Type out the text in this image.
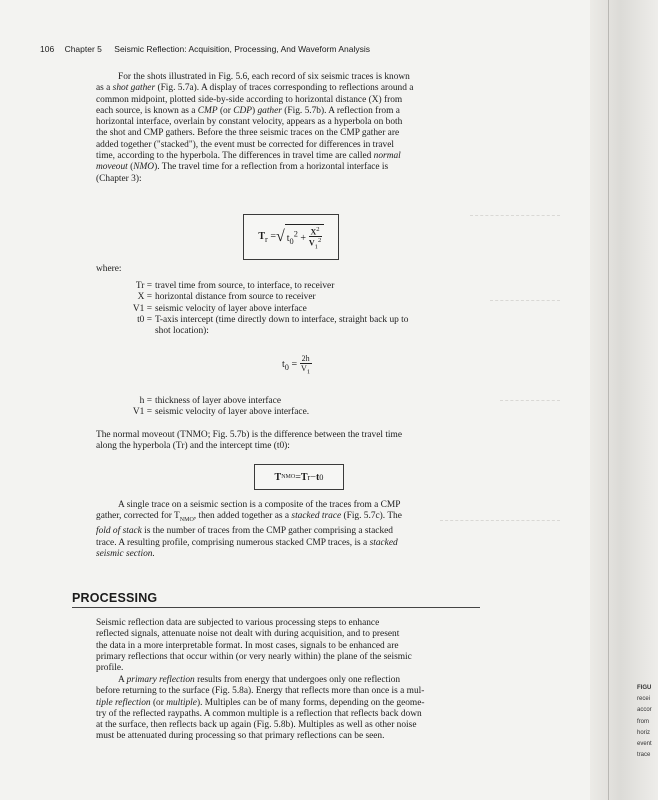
106 Chapter 5 Seismic Reflection: Acquisition, Processing, And Waveform Analysis

For the shots illustrated in Fig. 5.6, each record of six seismic traces is known

as a shot gather (Fig. 5.7a). A display of traces corresponding to reflections around a

common midpoint, plotted side-by-side according to horizontal distance (X) from

each source, is known as a CMP (or CDP) gather (Fig. 5.7b). A reflection from a

horizontal interface, overlain by constant velocity, appears as a hyperbola on both

the shot and CMP gathers. Before the three seismic traces on the CMP gather are

added together ("stacked"), the event must be corrected for differences in travel

time, according to the hyperbola. The differences in travel time are called normal

moveout (NMO). The travel time for a reflection from a horizontal interface is

(Chapter 3):

$T_r$ = √ $t_0^2 + \frac{X^2}{V_1^2}$
where:
Tr = travel time from source, to interface, to receiver
X = horizontal distance from source to receiver
V1 = seismic velocity of layer above interface
t0 = T-axis intercept (time directly down to interface, straight back up to
shot location):
$t_0 = \frac{2h}{V_1}$
h = thickness of layer above interface
V1 = seismic velocity of layer above interface.

The normal moveout (TNMO; Fig. 5.7b) is the difference between the travel time

along the hyperbola (Tr) and the intercept time (t0):

T NMO = T r − t 0

A single trace on a seismic section is a composite of the traces from a CMP

gather, corrected for $T_{NMO}$, then added together as a stacked trace (Fig. 5.7c). The

fold of stack is the number of traces from the CMP gather comprising a stacked

trace. A resulting profile, comprising numerous stacked CMP traces, is a stacked

seismic section.

PROCESSING

Seismic reflection data are subjected to various processing steps to enhance

reflected signals, attenuate noise not dealt with during acquisition, and to present

the data in a more interpretable format. In most cases, signals to be enhanced are

primary reflections that occur within (or very nearly within) the plane of the seismic

profile.

A primary reflection results from energy that undergoes only one reflection

before returning to the surface (Fig. 5.8a). Energy that reflects more than once is a mul-

tiple reflection (or multiple). Multiples can be of many forms, depending on the geome-

try of the reflected raypaths. A common multiple is a reflection that reflects back down

at the surface, then reflects back up again (Fig. 5.8b). Multiples as well as other noise

must be attenuated during processing so that primary reflections can be seen.

FIGU
recei
accor
from
horiz
event
trace
